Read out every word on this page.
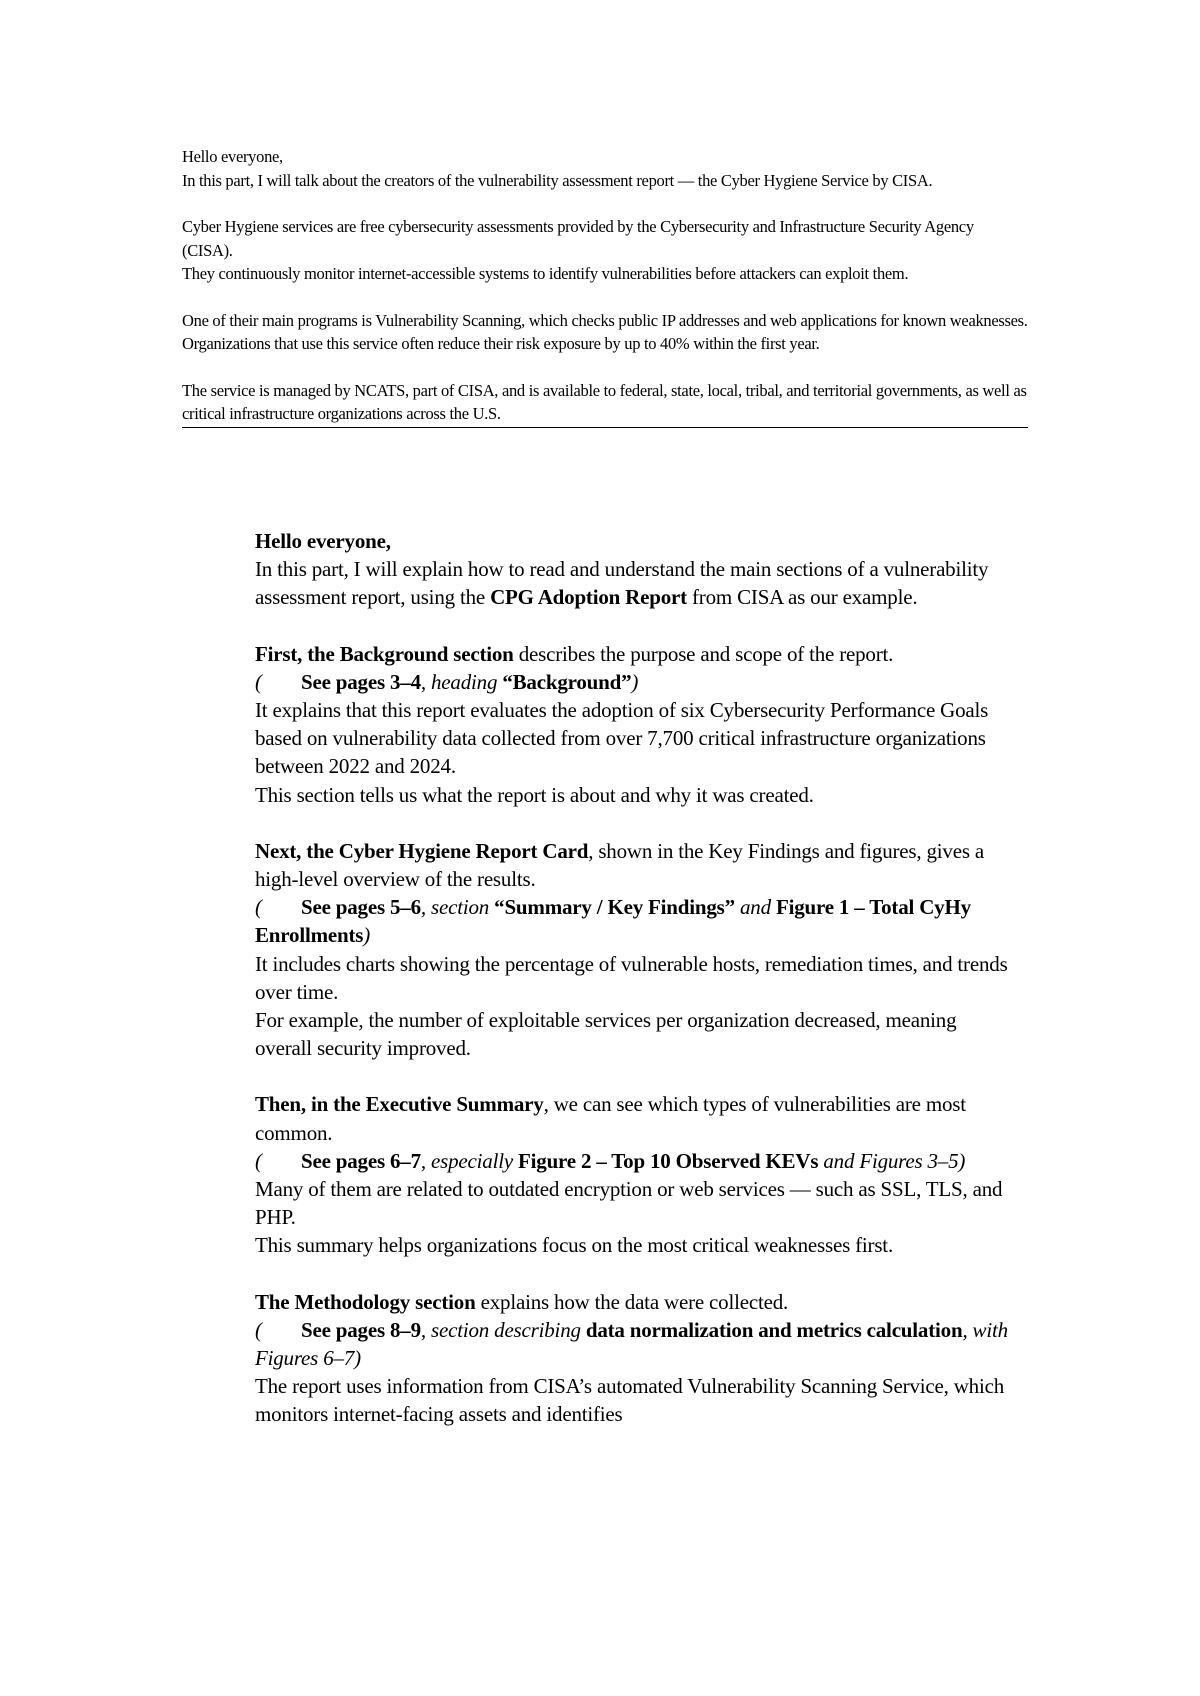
Hello everyone,

In this part, I will talk about the creators of the vulnerability assessment report — the Cyber Hygiene Service by CISA.

Cyber Hygiene services are free cybersecurity assessments provided by the Cybersecurity and Infrastructure Security Agency (CISA).

They continuously monitor internet-accessible systems to identify vulnerabilities before attackers can exploit them.

One of their main programs is Vulnerability Scanning, which checks public IP addresses and web applications for known weaknesses.

Organizations that use this service often reduce their risk exposure by up to 40% within the first year.

The service is managed by NCATS, part of CISA, and is available to federal, state, local, tribal, and territorial governments, as well as critical infrastructure organizations across the U.S.

Hello everyone,

In this part, I will explain how to read and understand the main sections of a vulnerability assessment report, using the CPG Adoption Report from CISA as our example.

First, the Background section describes the purpose and scope of the report.

( See pages 3–4, heading “Background”)

It explains that this report evaluates the adoption of six Cybersecurity Performance Goals based on vulnerability data collected from over 7,700 critical infrastructure organizations between 2022 and 2024.

This section tells us what the report is about and why it was created.

Next, the Cyber Hygiene Report Card, shown in the Key Findings and figures, gives a high-level overview of the results.

( See pages 5–6, section “Summary / Key Findings” and Figure 1 – Total CyHy Enrollments)

It includes charts showing the percentage of vulnerable hosts, remediation times, and trends over time.

For example, the number of exploitable services per organization decreased, meaning overall security improved.

Then, in the Executive Summary, we can see which types of vulnerabilities are most common.

( See pages 6–7, especially Figure 2 – Top 10 Observed KEVs and Figures 3–5)

Many of them are related to outdated encryption or web services — such as SSL, TLS, and PHP.

This summary helps organizations focus on the most critical weaknesses first.

The Methodology section explains how the data were collected.

( See pages 8–9, section describing data normalization and metrics calculation, with Figures 6–7)

The report uses information from CISA’s automated Vulnerability Scanning Service, which monitors internet-facing assets and identifies
